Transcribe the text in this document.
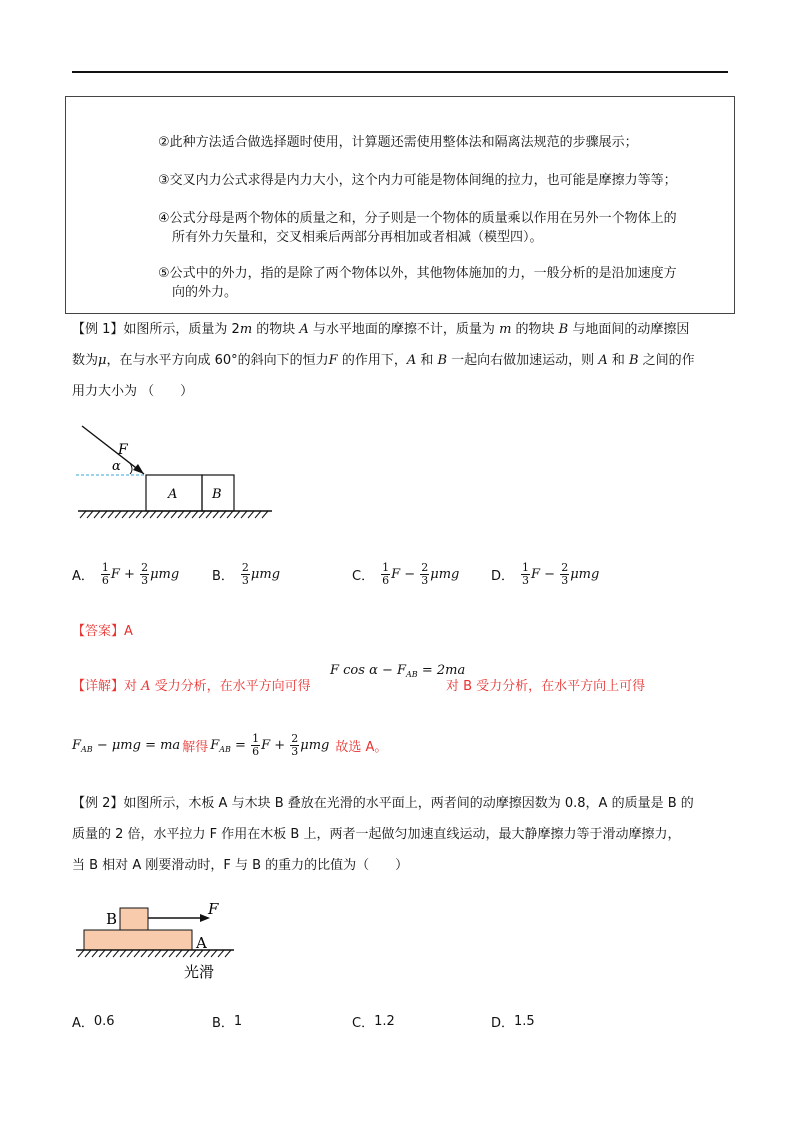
②此种方法适合做选择题时使用，计算题还需使用整体法和隔离法规范的步骤展示；
③交叉内力公式求得是内力大小，这个内力可能是物体间绳的拉力，也可能是摩擦力等等；
④公式分母是两个物体的质量之和，分子则是一个物体的质量乘以作用在另外一个物体上的
所有外力矢量和，交叉相乘后两部分再相加或者相减（模型四）。
⑤公式中的外力，指的是除了两个物体以外，其他物体施加的力，一般分析的是沿加速度方
向的外力。
【例 1】如图所示，质量为 2m 的物块 A 与水平地面的摩擦不计，质量为 m 的物块 B 与地面间的动摩擦因
数为μ，在与水平方向成 60°的斜向下的恒力F 的作用下，A 和 B 一起向右做加速运动，则 A 和 B 之间的作
用力大小为 （　　）
F
α
A	B
A． $\frac{1}{6}$ $F + \frac{2}{3}$ μmg	B． $\frac{2}{3}$ μmg	C． $\frac{1}{6}$ $F - \frac{2}{3}$ μmg D． $\frac{1}{3}$ $F - \frac{2}{3}$ μmg
【答案】A
【详解】对 A 受力分析，在水平方向可得
F $\cos \alpha - F_{AB} = 2ma$
对 B 受力分析，在水平方向上可得
$F_{AB} - \mu mg$ = ma 解得 $F_{AB} = \frac{1}{6}$ $F + \frac{2}{3}$ μmg 故选 A。
【例 2】如图所示，木板 A 与木块 B 叠放在光滑的水平面上，两者间的动摩擦因数为 0.8，A 的质量是 B 的
质量的 2 倍，水平拉力 F 作用在木板 B 上，两者一起做匀加速直线运动，最大静摩擦力等于滑动摩擦力，
当 B 相对 A 刚要滑动时，F 与 B 的重力的比值为（　　）
B
A
F
光滑
A． 0.6	B． 1	C． 1.2	D． 1.5
